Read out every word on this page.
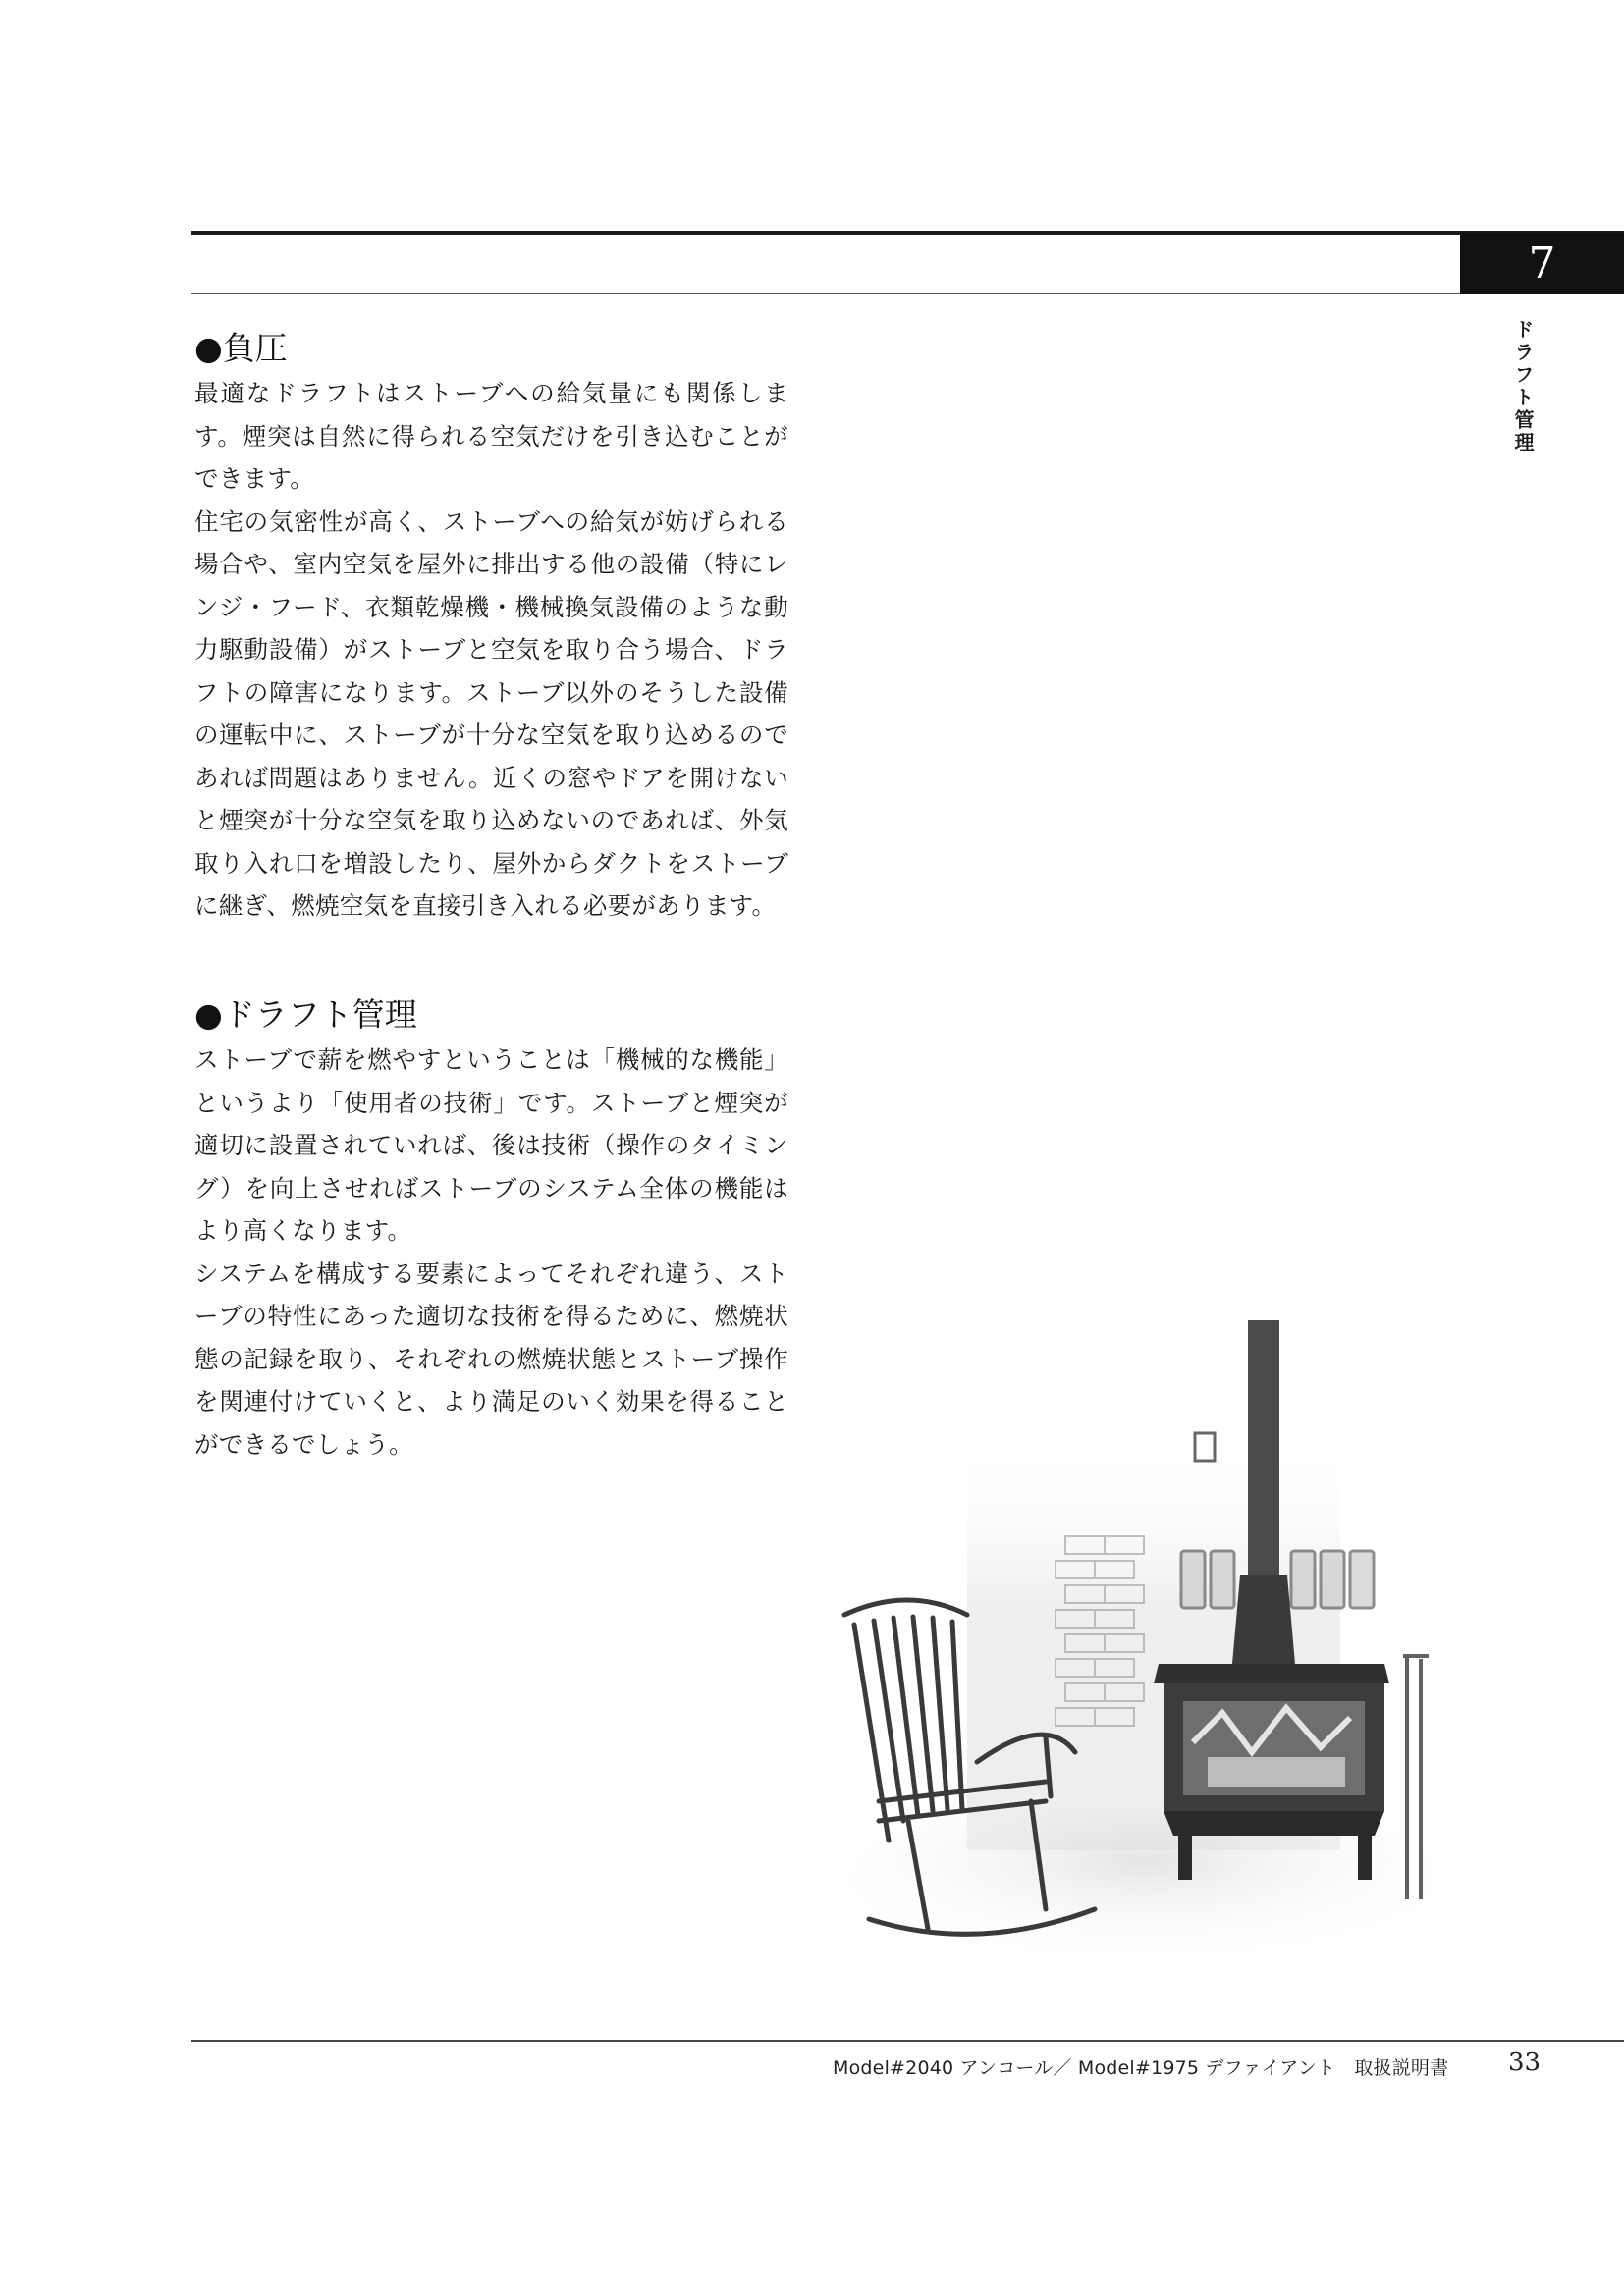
7
ドラフト管理
●負圧

最適なドラフトはストーブへの給気量にも関係します。煙突は自然に得られる空気だけを引き込むことができます。

住宅の気密性が高く、ストーブへの給気が妨げられる場合や、室内空気を屋外に排出する他の設備（特にレンジ・フード、衣類乾燥機・機械換気設備のような動力駆動設備）がストーブと空気を取り合う場合、ドラフトの障害になります。ストーブ以外のそうした設備の運転中に、ストーブが十分な空気を取り込めるのであれば問題はありません。近くの窓やドアを開けないと煙突が十分な空気を取り込めないのであれば、外気取り入れ口を増設したり、屋外からダクトをストーブに継ぎ、燃焼空気を直接引き入れる必要があります。

●ドラフト管理

ストーブで薪を燃やすということは「機械的な機能」というより「使用者の技術」です。ストーブと煙突が適切に設置されていれば、後は技術（操作のタイミング）を向上させればストーブのシステム全体の機能はより高くなります。

システムを構成する要素によってそれぞれ違う、ストーブの特性にあった適切な技術を得るために、燃焼状態の記録を取り、それぞれの燃焼状態とストーブ操作を関連付けていくと、より満足のいく効果を得ることができるでしょう。

Model#2040 アンコール／ Model#1975 デファイアント　取扱説明書 33
